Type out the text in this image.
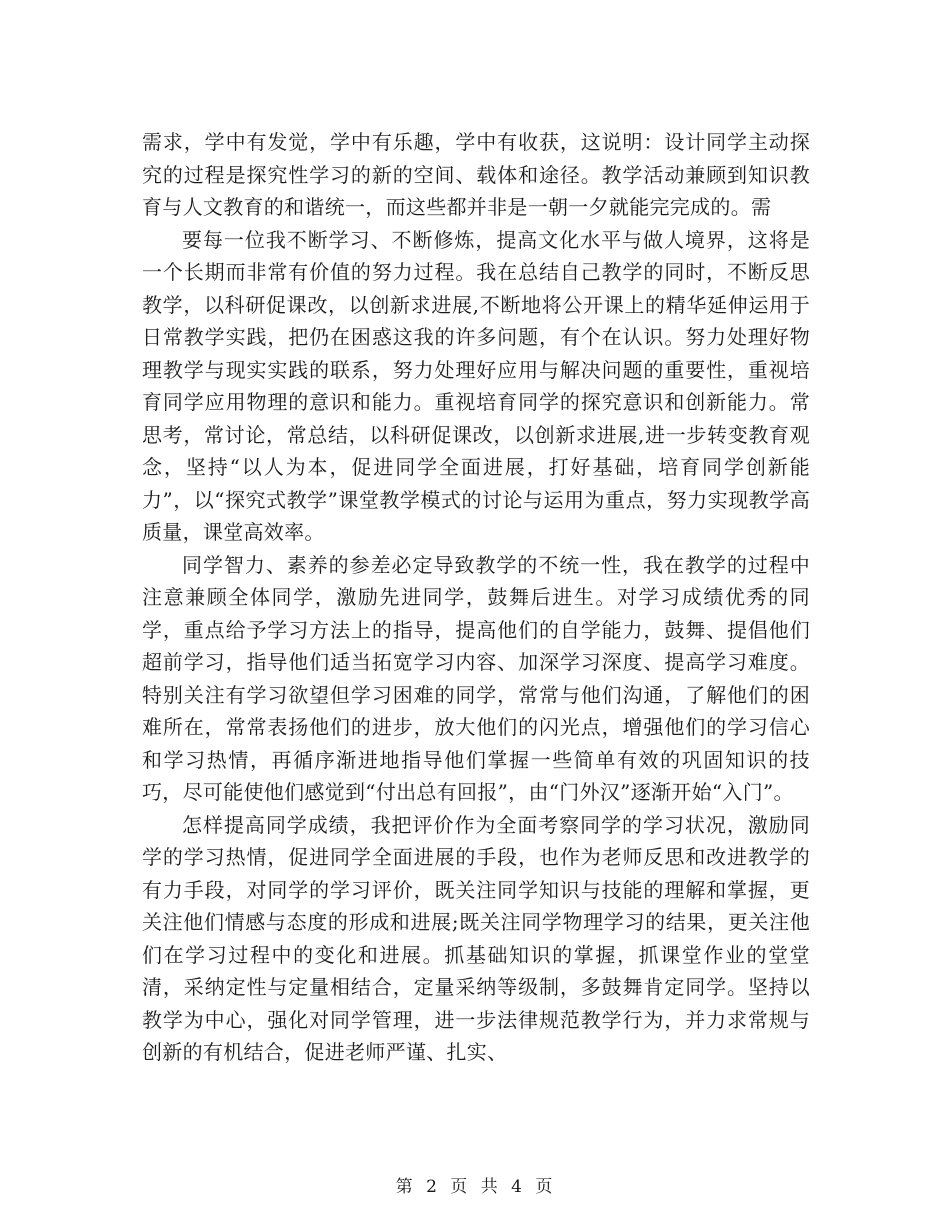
需求，学中有发觉，学中有乐趣，学中有收获，这说明：设计同学主动探究的过程是探究性学习的新的空间、载体和途径。教学活动兼顾到知识教育与人文教育的和谐统一，而这些都并非是一朝一夕就能完完成的。需

要每一位我不断学习、不断修炼，提高文化水平与做人境界，这将是一个长期而非常有价值的努力过程。我在总结自己教学的同时，不断反思教学，以科研促课改，以创新求进展,不断地将公开课上的精华延伸运用于日常教学实践，把仍在困惑这我的许多问题，有个在认识。努力处理好物理教学与现实实践的联系，努力处理好应用与解决问题的重要性，重视培育同学应用物理的意识和能力。重视培育同学的探究意识和创新能力。常思考，常讨论，常总结，以科研促课改，以创新求进展,进一步转变教育观念，坚持“以人为本，促进同学全面进展，打好基础，培育同学创新能力”，以“探究式教学”课堂教学模式的讨论与运用为重点，努力实现教学高质量，课堂高效率。

同学智力、素养的参差必定导致教学的不统一性，我在教学的过程中注意兼顾全体同学，激励先进同学，鼓舞后进生。对学习成绩优秀的同学，重点给予学习方法上的指导，提高他们的自学能力，鼓舞、提倡他们超前学习，指导他们适当拓宽学习内容、加深学习深度、提高学习难度。特别关注有学习欲望但学习困难的同学，常常与他们沟通，了解他们的困难所在，常常表扬他们的进步，放大他们的闪光点，增强他们的学习信心和学习热情，再循序渐进地指导他们掌握一些简单有效的巩固知识的技巧，尽可能使他们感觉到“付出总有回报”，由“门外汉”逐渐开始“入门”。

怎样提高同学成绩，我把评价作为全面考察同学的学习状况，激励同学的学习热情，促进同学全面进展的手段，也作为老师反思和改进教学的有力手段，对同学的学习评价，既关注同学知识与技能的理解和掌握，更关注他们情感与态度的形成和进展;既关注同学物理学习的结果，更关注他们在学习过程中的变化和进展。抓基础知识的掌握，抓课堂作业的堂堂清，采纳定性与定量相结合，定量采纳等级制，多鼓舞肯定同学。坚持以教学为中心，强化对同学管理，进一步法律规范教学行为，并力求常规与创新的有机结合，促进老师严谨、扎实、

第 2 页 共 4 页
